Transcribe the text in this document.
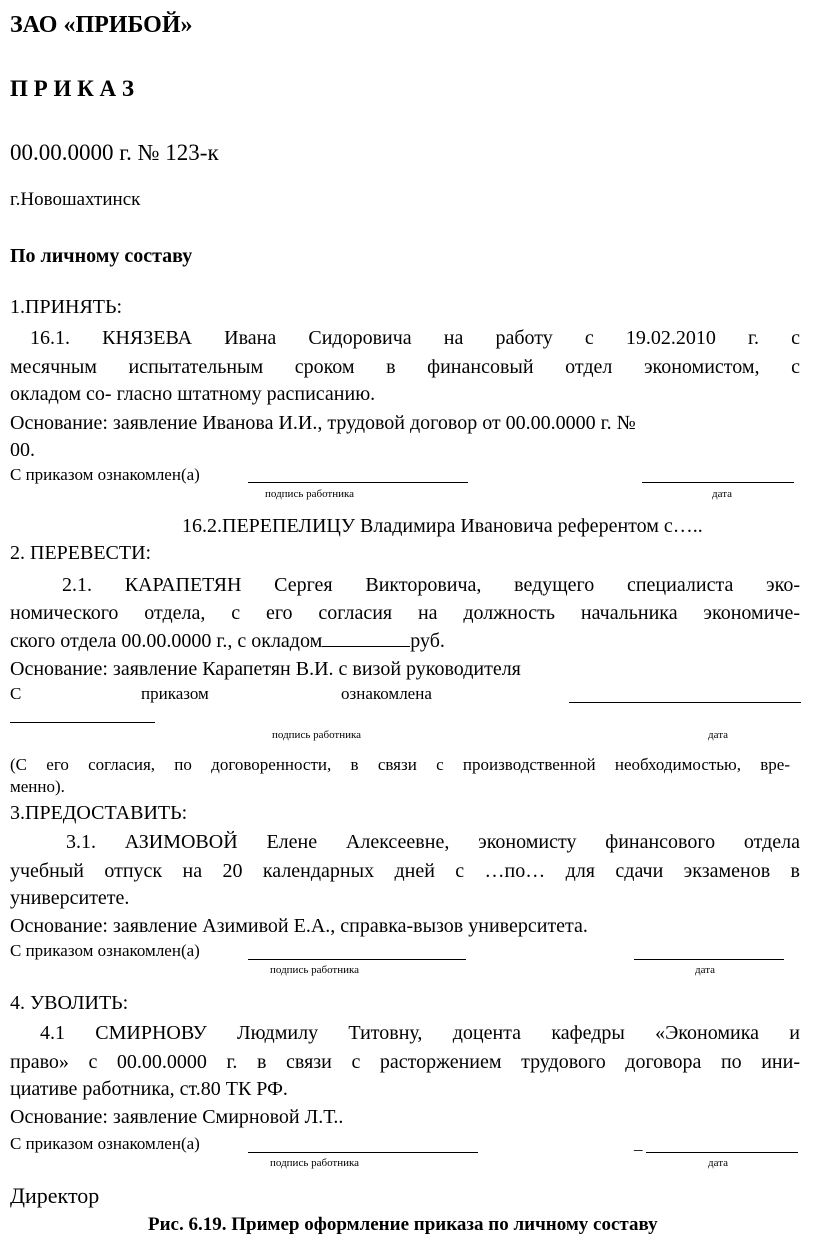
ЗАО «ПРИБОЙ»
П Р И К А З
00.00.0000 г. № 123-к
г.Новошахтинск
По личному составу
1.ПРИНЯТЬ:
16.1. КНЯЗЕВА Ивана Сидоровича на работу с 19.02.2010 г. с
месячным испытательным сроком в финансовый отдел экономистом, с
окладом со- гласно штатному расписанию.
Основание: заявление Иванова И.И., трудовой договор от 00.00.0000 г. №
00.
С приказом ознакомлен(а)
подпись работника	дата
16.2.ПЕРЕПЕЛИЦУ Владимира Ивановича референтом с…..
2. ПЕРЕВЕСТИ:
2.1. КАРАПЕТЯН Сергея Викторовича, ведущего специалиста эко-
номического отдела, с его согласия на должность начальника экономиче-
ского отдела 00.00.0000 г., с окладом	руб.
Основание: заявление Карапетян В.И. с визой руководителя
С	приказом	ознакомлена
подпись работника	дата
(С его согласия, по договоренности, в связи с производственной необходимостью, вре-
менно).
3.ПРЕДОСТАВИТЬ:
3.1. АЗИМОВОЙ Елене Алексеевне, экономисту финансового отдела
учебный отпуск на 20 календарных дней с …по… для сдачи экзаменов в
университете.
Основание: заявление Азимивой Е.А., справка-вызов университета.
С приказом ознакомлен(а)
подпись работника	дата
4. УВОЛИТЬ:
4.1 СМИРНОВУ Людмилу Титовну, доцента кафедры «Экономика и
право» с 00.00.0000 г. в связи с расторжением трудового договора по ини-
циативе работника, ст.80 ТК РФ.
Основание: заявление Смирновой Л.Т..
С приказом ознакомлен(а)	_
подпись работника	дата
Директор
Рис. 6.19. Пример оформление приказа по личному составу
